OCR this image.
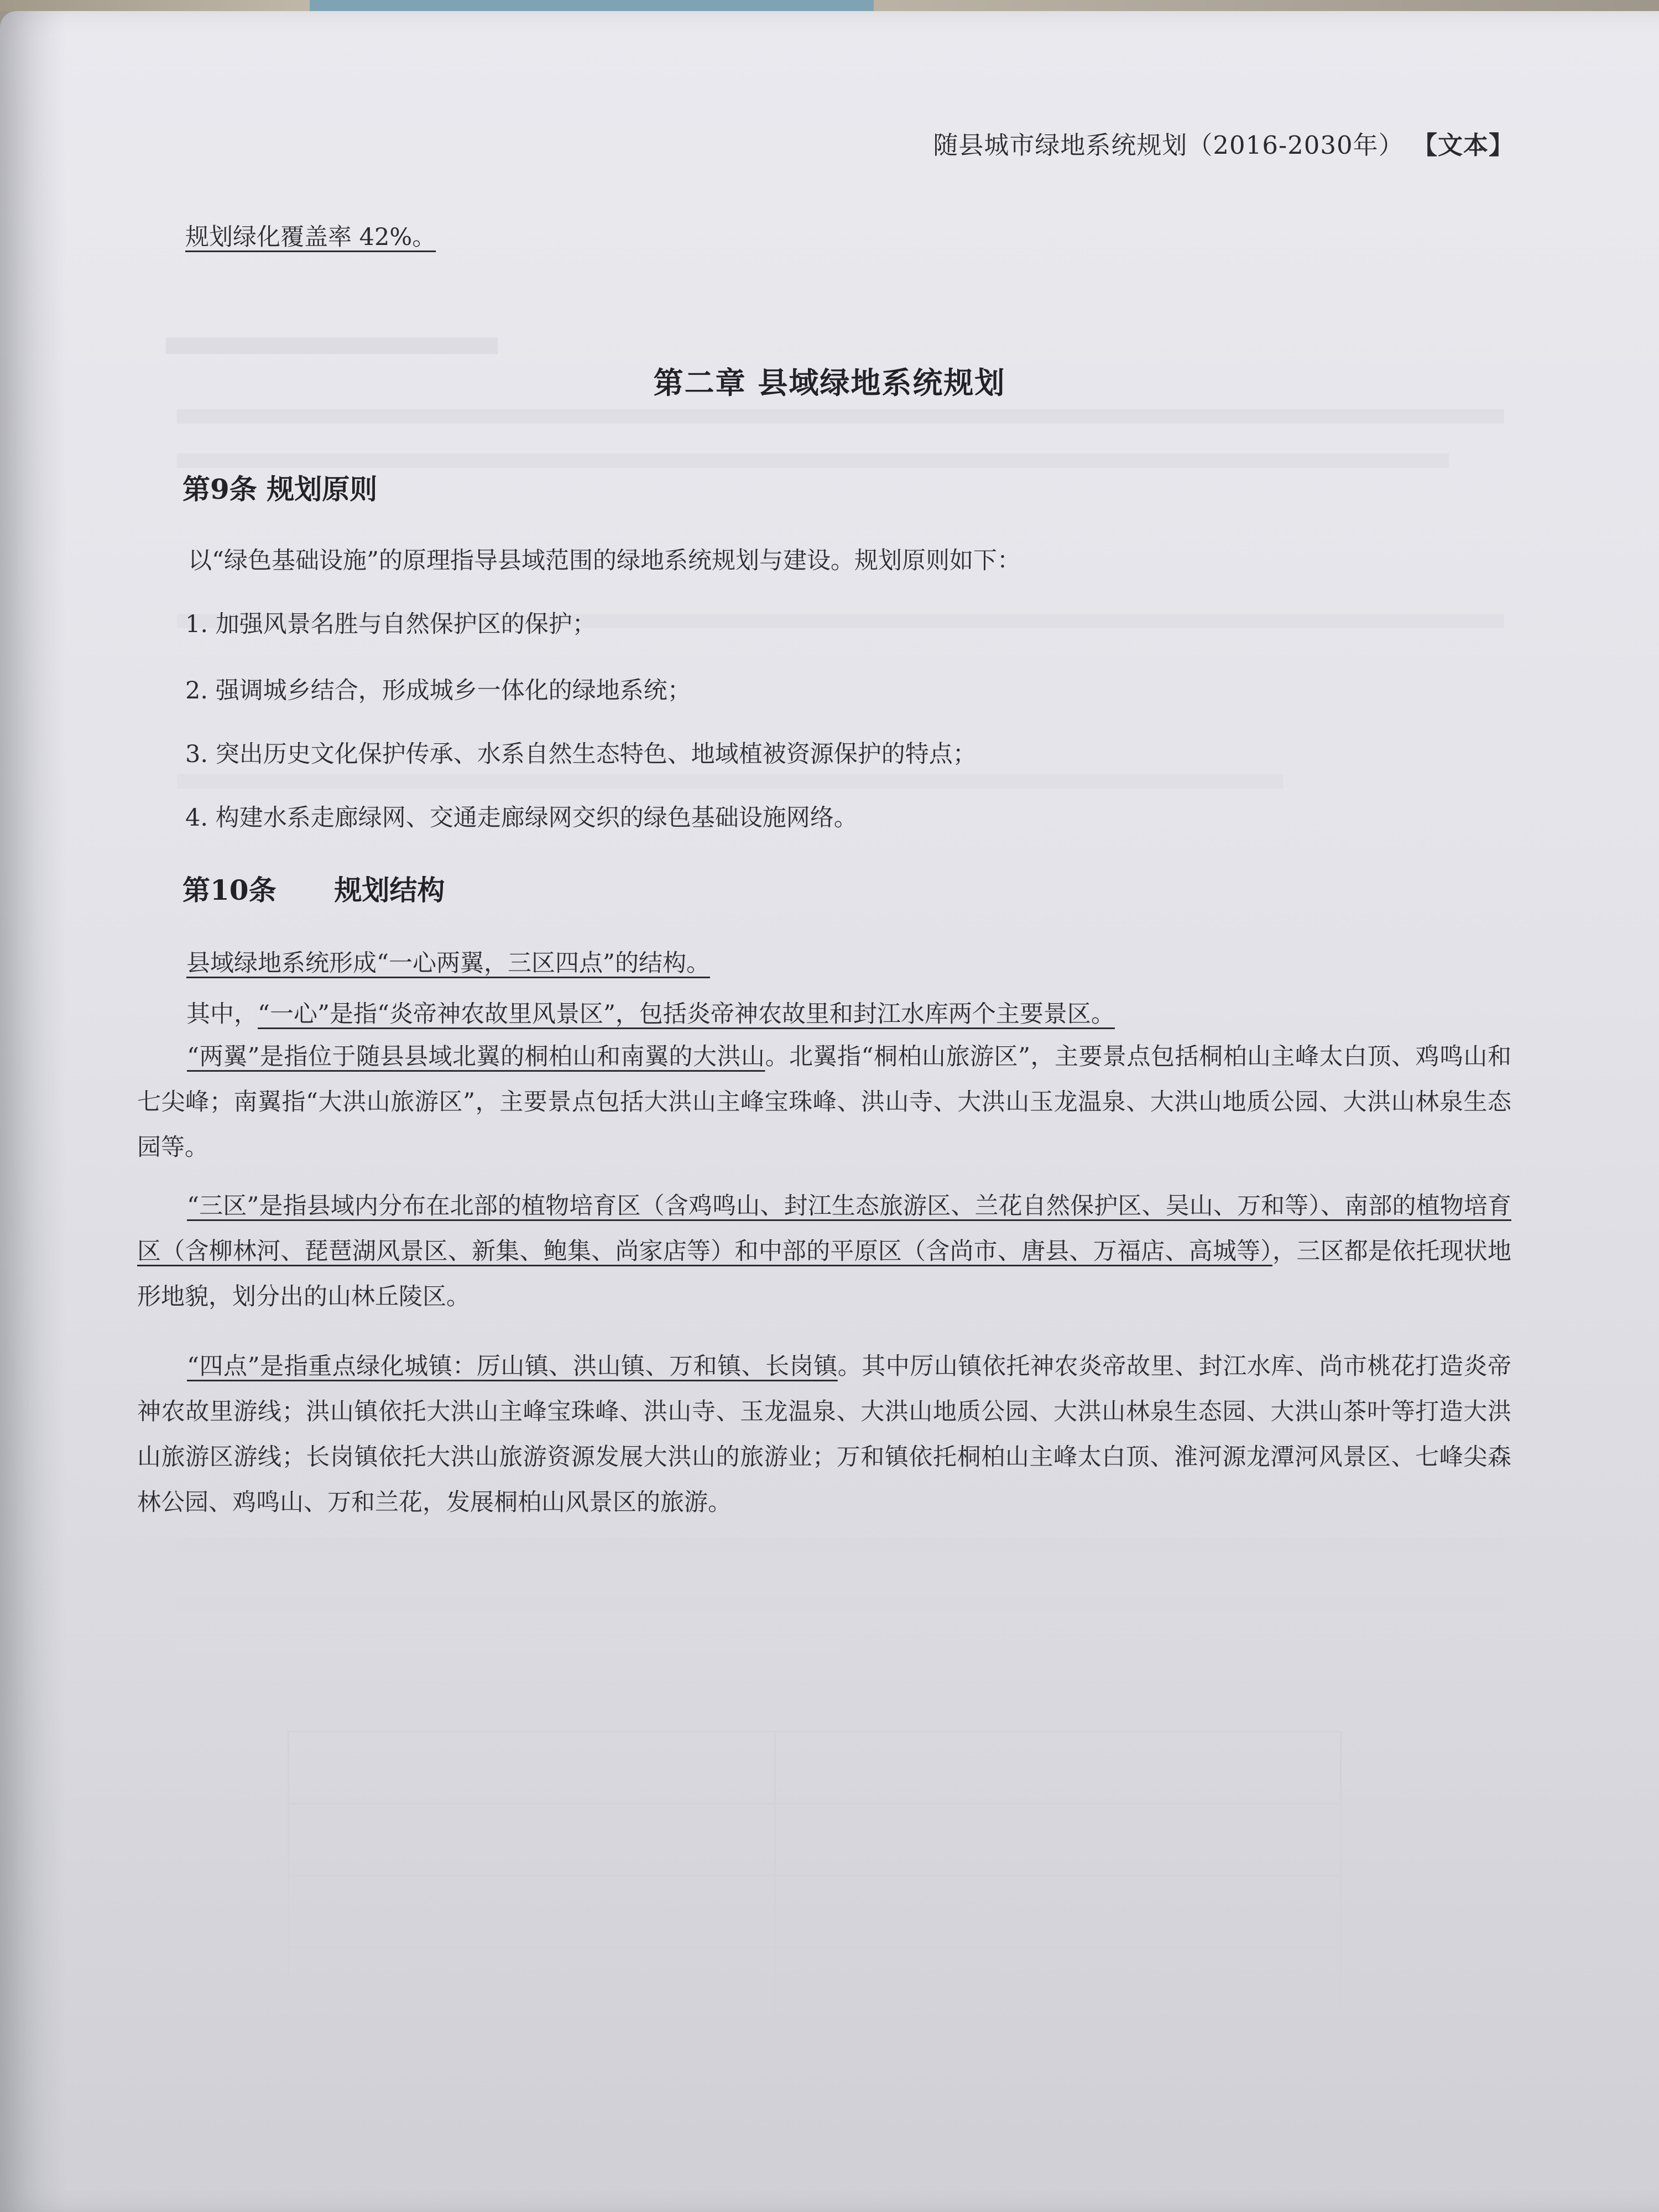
随县城市绿地系统规划（2016-2030年） 【文本】
规划绿化覆盖率 42%。
第二章 县域绿地系统规划
第9条 规划原则
以“绿色基础设施”的原理指导县域范围的绿地系统规划与建设。规划原则如下：
1. 加强风景名胜与自然保护区的保护；
2. 强调城乡结合，形成城乡一体化的绿地系统；
3. 突出历史文化保护传承、水系自然生态特色、地域植被资源保护的特点；
4. 构建水系走廊绿网、交通走廊绿网交织的绿色基础设施网络。
第10条 规划结构
县域绿地系统形成“一心两翼，三区四点”的结构。
其中，“一心”是指“炎帝神农故里风景区”，包括炎帝神农故里和封江水库两个主要景区。
“两翼”是指位于随县县域北翼的桐柏山和南翼的大洪山。北翼指“桐柏山旅游区”，主要景点包括桐柏山主峰太白顶、鸡鸣山和七尖峰；南翼指“大洪山旅游区”，主要景点包括大洪山主峰宝珠峰、洪山寺、大洪山玉龙温泉、大洪山地质公园、大洪山林泉生态园等。
“三区”是指县域内分布在北部的植物培育区（含鸡鸣山、封江生态旅游区、兰花自然保护区、吴山、万和等）、南部的植物培育区（含柳林河、琵琶湖风景区、新集、鲍集、尚家店等）和中部的平原区（含尚市、唐县、万福店、高城等），三区都是依托现状地形地貌，划分出的山林丘陵区。
“四点”是指重点绿化城镇：厉山镇、洪山镇、万和镇、长岗镇。其中厉山镇依托神农炎帝故里、封江水库、尚市桃花打造炎帝神农故里游线；洪山镇依托大洪山主峰宝珠峰、洪山寺、玉龙温泉、大洪山地质公园、大洪山林泉生态园、大洪山茶叶等打造大洪山旅游区游线；长岗镇依托大洪山旅游资源发展大洪山的旅游业；万和镇依托桐柏山主峰太白顶、淮河源龙潭河风景区、七峰尖森林公园、鸡鸣山、万和兰花，发展桐柏山风景区的旅游。
